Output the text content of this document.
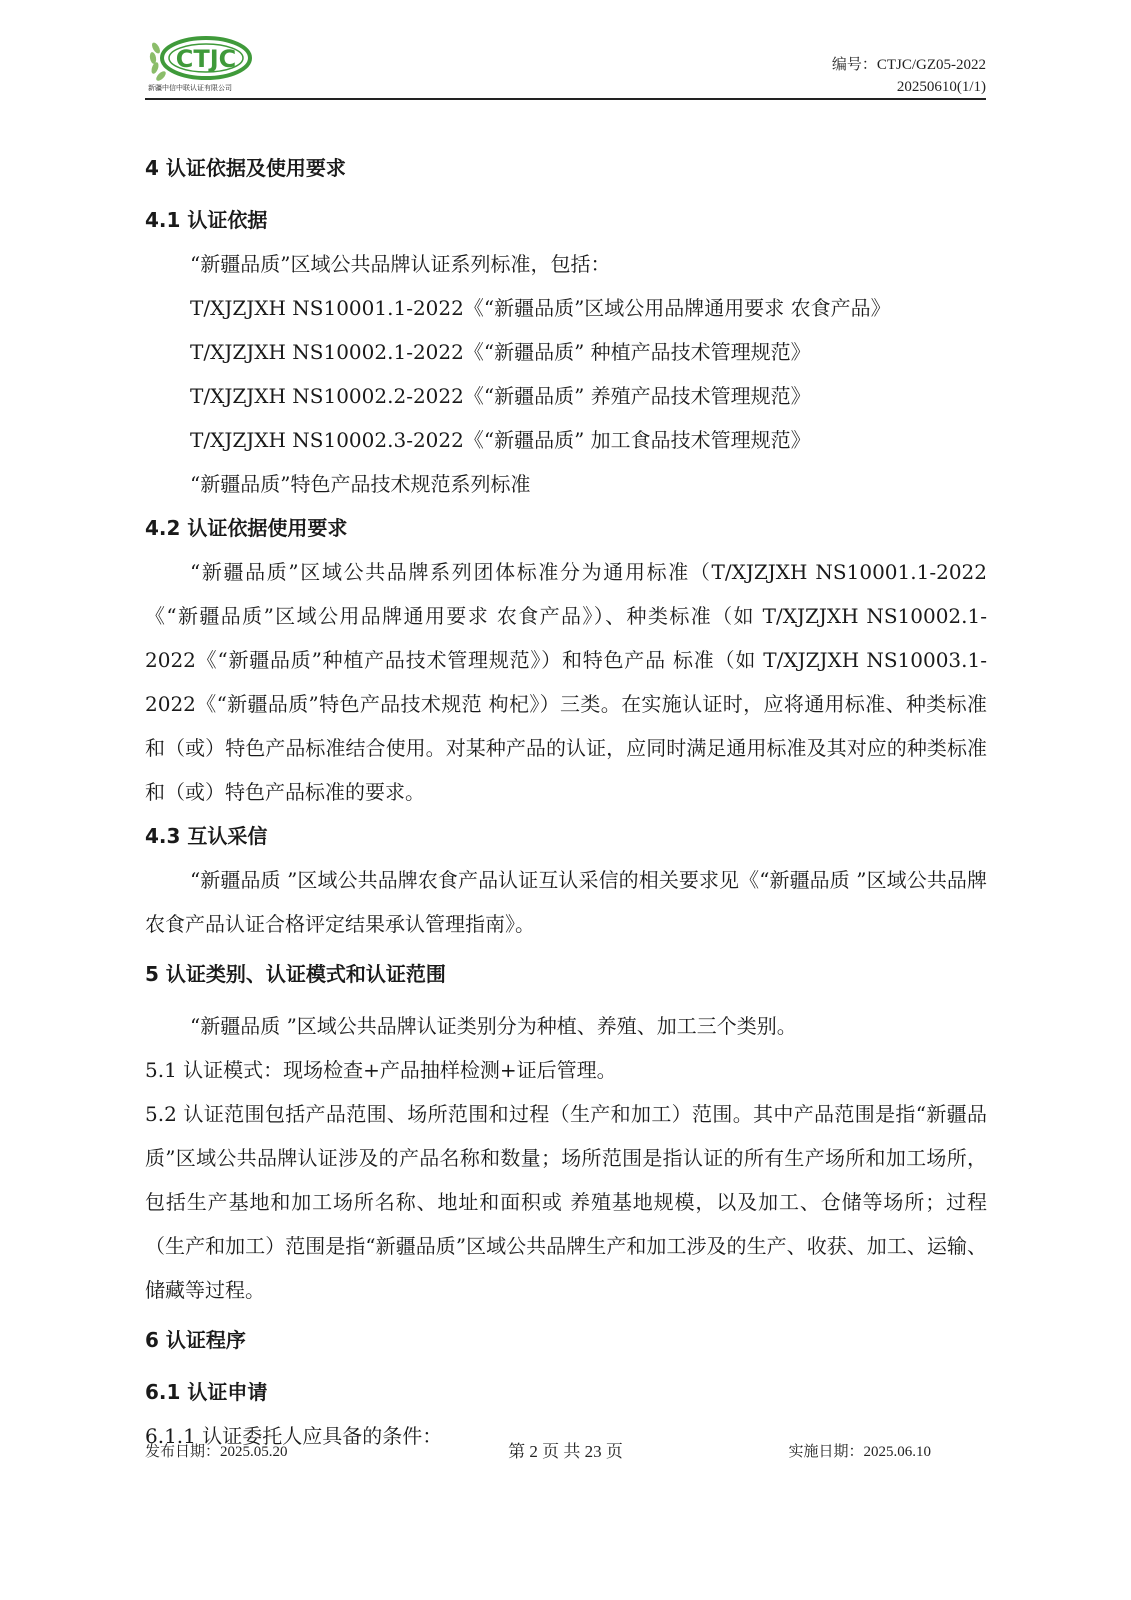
CTJC
新疆中信中联认证有限公司
编号：CTJC/GZ05-2022
20250610(1/1)

4 认证依据及使用要求

4.1 认证依据

“新疆品质”区域公共品牌认证系列标准，包括：

T/XJZJXH NS10001.1-2022《“新疆品质”区域公用品牌通用要求 农食产品》
T/XJZJXH NS10002.1-2022《“新疆品质” 种植产品技术管理规范》
T/XJZJXH NS10002.2-2022《“新疆品质” 养殖产品技术管理规范》
T/XJZJXH NS10002.3-2022《“新疆品质” 加工食品技术管理规范》

“新疆品质”特色产品技术规范系列标准

4.2 认证依据使用要求

“新疆品质”区域公共品牌系列团体标准分为通用标准（T/XJZJXH NS10001.1-2022《“新疆品质”区域公用品牌通用要求 农食产品》）、种类标准（如 T/XJZJXH NS10002.1-2022《“新疆品质”种植产品技术管理规范》）和特色产品 标准（如 T/XJZJXH NS10003.1-2022《“新疆品质”特色产品技术规范 枸杞》）三类。在实施认证时，应将通用标准、种类标准和（或）特色产品标准结合使用。对某种产品的认证，应同时满足通用标准及其对应的种类标准和（或）特色产品标准的要求。

4.3 互认采信

“新疆品质 ”区域公共品牌农食产品认证互认采信的相关要求见《“新疆品质 ”区域公共品牌农食产品认证合格评定结果承认管理指南》。

5 认证类别、认证模式和认证范围

“新疆品质 ”区域公共品牌认证类别分为种植、养殖、加工三个类别。

5.1 认证模式：现场检查+产品抽样检测+证后管理。

5.2 认证范围包括产品范围、场所范围和过程（生产和加工）范围。其中产品范围是指“新疆品质”区域公共品牌认证涉及的产品名称和数量；场所范围是指认证的所有生产场所和加工场所，包括生产基地和加工场所名称、地址和面积或 养殖基地规模，以及加工、仓储等场所；过程（生产和加工）范围是指“新疆品质”区域公共品牌生产和加工涉及的生产、收获、加工、运输、储藏等过程。

6 认证程序

6.1 认证申请

6.1.1 认证委托人应具备的条件：

发布日期：2025.05.20	第 2 页 共 23 页	实施日期：2025.06.10
